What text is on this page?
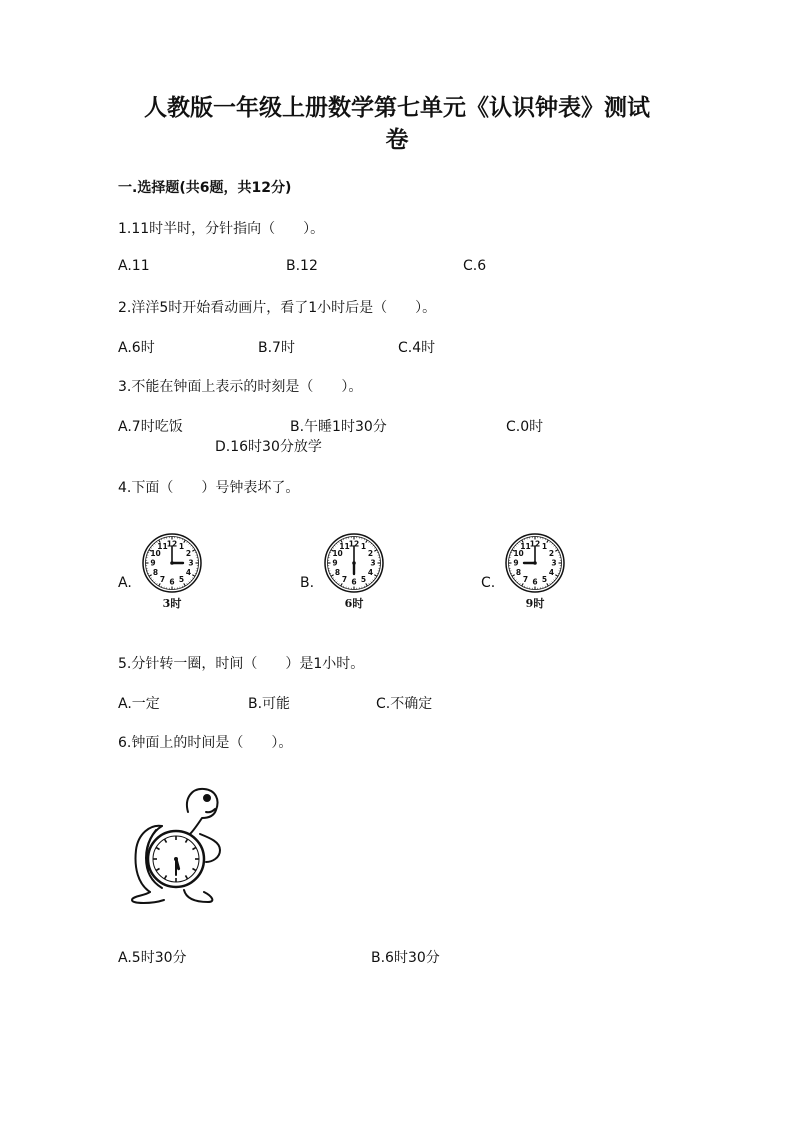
人教版一年级上册数学第七单元《认识钟表》测试
卷
一.选择题(共6题，共12分)
1.11时半时，分针指向（　　）。
A.11	B.12	C.6
2.洋洋5时开始看动画片，看了1小时后是（　　）。
A.6时	B.7时	C.4时
3.不能在钟面上表示的时刻是（　　）。
A.7时吃饭	B.午睡1时30分	C.0时
D.16时30分放学
4.下面（　　）号钟表坏了。
A.	B.	C.
12 1
2
3
4
5
6
7
8
9
10
11	12 1
2
3
4
5
6
7
8
9
10
11	12 1
2
3
4
5
6
7
8
9
10
11
3时	6时	9时
5.分针转一圈，时间（　　）是1小时。
A.一定	B.可能	C.不确定
6.钟面上的时间是（　　）。
A.5时30分	B.6时30分
